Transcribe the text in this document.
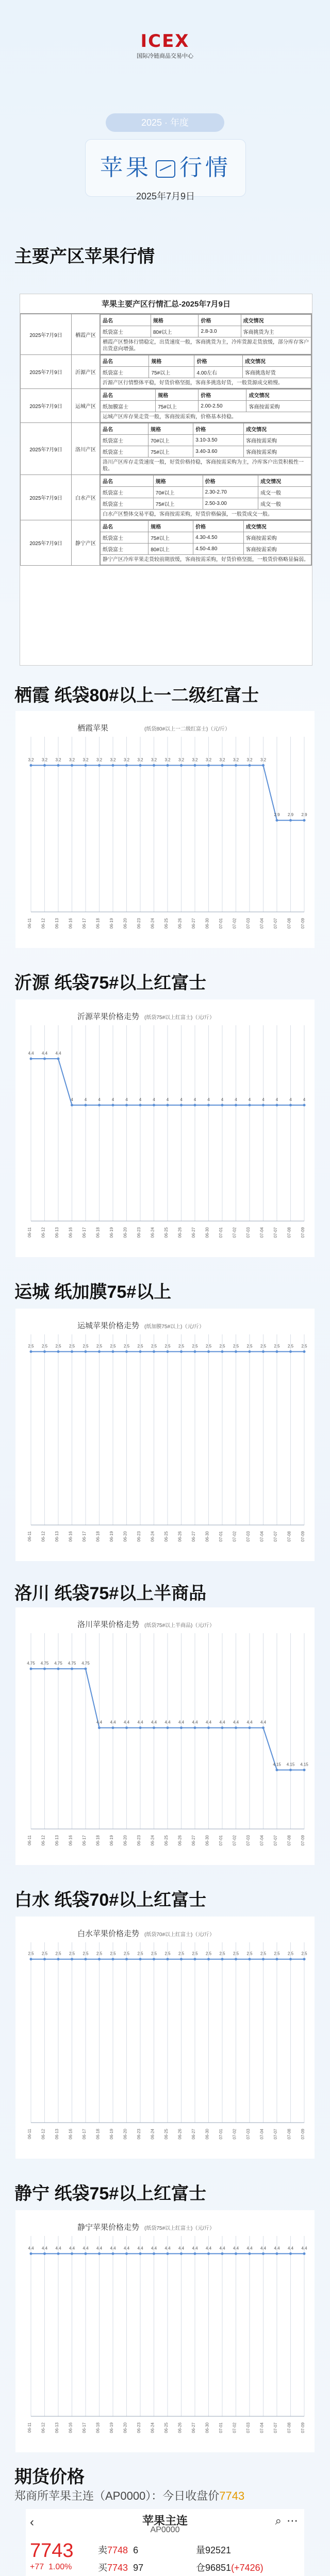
ICEX
国际冷链商品交易中心
2025 · 年度
苹果 行情
2025年7月9日
主要产区苹果行情
苹果主要产区行情汇总-2025年7月9日
2025年7月9日	栖霞产区	
品名	规格	价格	成交情况
纸袋富士	80#以上	2.8-3.0	客商挑货为主
栖霞产区整体行情稳定，出货速度一般，客商挑货为主，冷库货源走货放缓，部分库存客户出货意向增强。

2025年7月9日	沂源产区	
品名	规格	价格	成交情况
纸袋富士	75#以上	4.00左右	客商挑选好货
沂源产区行情整体平稳，好货价格坚挺，客商多挑选好货，一般货源成交稍慢。

2025年7月9日	运城产区	
品名	规格	价格	成交情况
纸加膜富士	75#以上	2.00-2.50	客商按需采购
运城产区库存果走货一般，客商按需采购，价格基本持稳。

2025年7月9日	洛川产区	
品名	规格	价格	成交情况
纸袋富士	70#以上	3.10-3.50	客商按需采购
纸袋富士	75#以上	3.40-3.60	客商按需采购
洛川产区库存走货速度一般，好货价格持稳，客商按需采购为主，冷库客户出货积极性一般。

2025年7月9日	白水产区	
品名	规格	价格	成交情况
纸袋富士	70#以上	2.30-2.70	成交一般
纸袋富士	75#以上	2.50-3.00	成交一般
白水产区整体交易平稳，客商按需采购，好货价格偏强，一般货成交一般。

2025年7月9日	静宁产区	
品名	规格	价格	成交情况
纸袋富士	75#以上	4.30-4.50	客商按需采购
纸袋富士	80#以上	4.50-4.80	客商按需采购
静宁产区冷库苹果走货较前期放缓，客商按需采购，好货价格坚挺，一般货价格略显偏弱。
栖霞 纸袋80#以上一二级红富士
栖霞苹果	(纸袋80#以上一二级红富士)（元/斤）
3.2 3.2 3.2 3.2 3.2 3.2 3.2 3.2 3.2 3.2 3.2 3.2 3.2 3.2 3.2 3.2 3.2 3.2
2.9 2.9 2.9
06-11 06-12 06-13 06-16 06-17 06-18 06-19 06-20 06-23 06-24 06-25 06-26 06-27 06-30 07-01 07-02 07-03 07-04 07-07 07-08 07-09
沂源 纸袋75#以上红富士
沂源苹果价格走势 (纸袋75#以上红富士)（元/斤）
4.4 4.4 4.4
4	4	4	4	4	4	4	4	4	4	4	4	4	4	4	4	4	4
06-11 06-12 06-13 06-16 06-17 06-18 06-19 06-20 06-23 06-24 06-25 06-26 06-27 06-30 07-01 07-02 07-03 07-04 07-07 07-08 07-09
运城 纸加膜75#以上
运城苹果价格走势 (纸加膜75#以上)（元/斤）
2.5 2.5 2.5 2.5 2.5 2.5 2.5 2.5 2.5 2.5 2.5 2.5 2.5 2.5 2.5 2.5 2.5 2.5 2.5 2.5 2.5
06-11 06-12 06-13 06-16 06-17 06-18 06-19 06-20 06-23 06-24 06-25 06-26 06-27 06-30 07-01 07-02 07-03 07-04 07-07 07-08 07-09
洛川 纸袋75#以上半商品
洛川苹果价格走势 (纸袋75#以上半商品)（元/斤）
4.75 4.75 4.75 4.75 4.75
4.4 4.4 4.4 4.4 4.4 4.4 4.4 4.4 4.4 4.4 4.4 4.4 4.4
4.15 4.15 4.15
06-11 06-12 06-13 06-16 06-17 06-18 06-19 06-20 06-23 06-24 06-25 06-26 06-27 06-30 07-01 07-02 07-03 07-04 07-07 07-08 07-09
白水 纸袋70#以上红富士
白水苹果价格走势 (纸袋70#以上红富士)（元/斤）
2.5 2.5 2.5 2.5 2.5 2.5 2.5 2.5 2.5 2.5 2.5 2.5 2.5 2.5 2.5 2.5 2.5 2.5 2.5 2.5 2.5
06-11 06-12 06-13 06-16 06-17 06-18 06-19 06-20 06-23 06-24 06-25 06-26 06-27 06-30 07-01 07-02 07-03 07-04 07-07 07-08 07-09
静宁 纸袋75#以上红富士
静宁苹果价格走势 (纸袋75#以上红富士)（元/斤）
4.4 4.4 4.4 4.4 4.4 4.4 4.4 4.4 4.4 4.4 4.4 4.4 4.4 4.4 4.4 4.4 4.4 4.4 4.4 4.4 4.4
06-11 06-12 06-13 06-16 06-17 06-18 06-19 06-20 06-23 06-24 06-25 06-26 06-27 06-30 07-01 07-02 07-03 07-04 07-07 07-08 07-09
期货价格
郑商所苹果主连（AP0000）：今日收盘价7743
苹果主连
AP0000
‹	⌕ ⋯
7743
+77 1.00%
卖7748 6
买7743 97
量92521
仓96851(+7426)
